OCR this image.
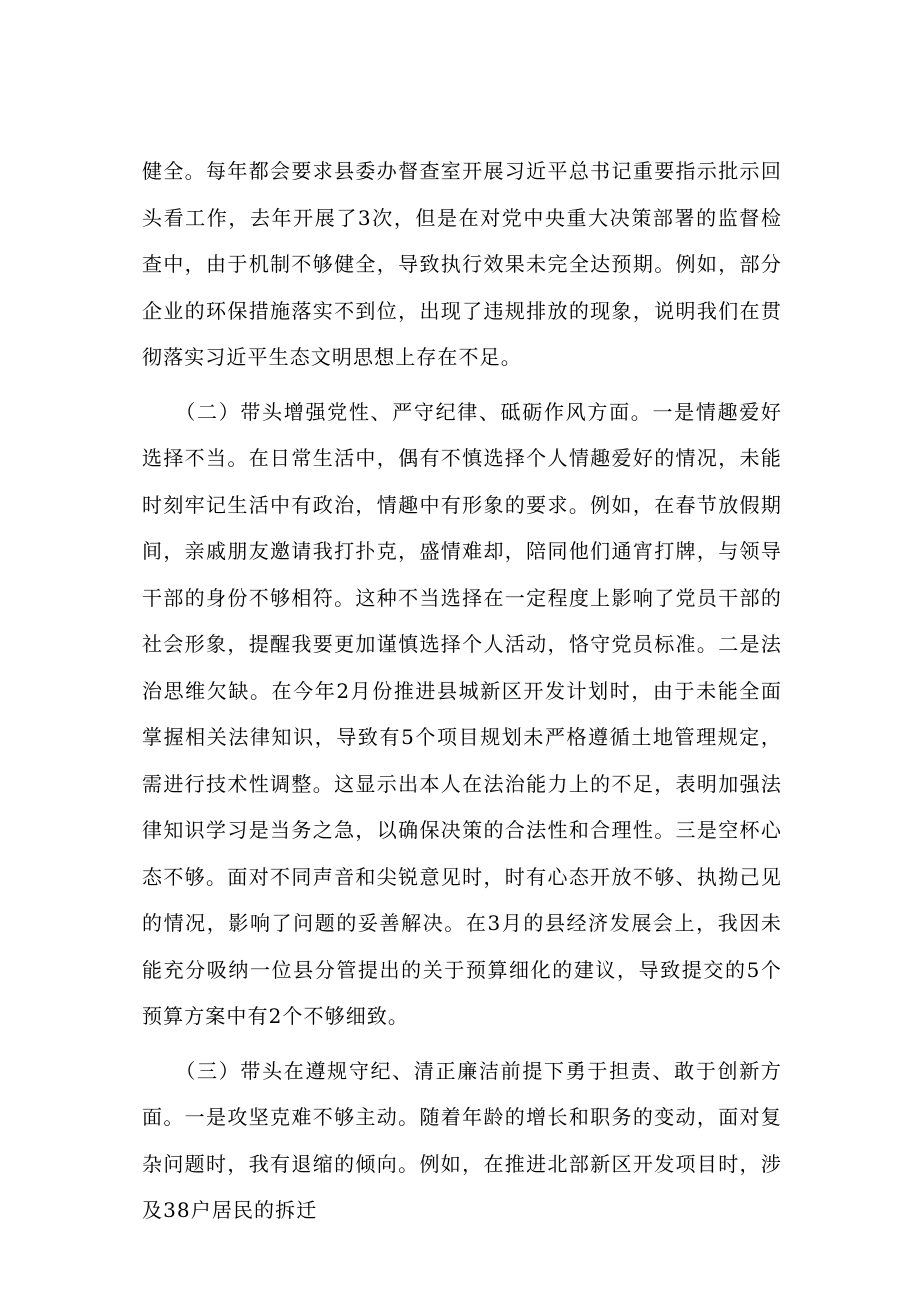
健全。每年都会要求县委办督查室开展习近平总书记重要指示批示回头看工作，去年开展了3次，但是在对党中央重大决策部署的监督检查中，由于机制不够健全，导致执行效果未完全达预期。例如，部分企业的环保措施落实不到位，出现了违规排放的现象，说明我们在贯彻落实习近平生态文明思想上存在不足。

　　（二）带头增强党性、严守纪律、砥砺作风方面。一是情趣爱好选择不当。在日常生活中，偶有不慎选择个人情趣爱好的情况，未能时刻牢记生活中有政治，情趣中有形象的要求。例如，在春节放假期间，亲戚朋友邀请我打扑克，盛情难却，陪同他们通宵打牌，与领导干部的身份不够相符。这种不当选择在一定程度上影响了党员干部的社会形象，提醒我要更加谨慎选择个人活动，恪守党员标准。二是法治思维欠缺。在今年2月份推进县城新区开发计划时，由于未能全面掌握相关法律知识，导致有5个项目规划未严格遵循土地管理规定，需进行技术性调整。这显示出本人在法治能力上的不足，表明加强法律知识学习是当务之急，以确保决策的合法性和合理性。三是空杯心态不够。面对不同声音和尖锐意见时，时有心态开放不够、执拗己见的情况，影响了问题的妥善解决。在3月的县经济发展会上，我因未能充分吸纳一位县分管提出的关于预算细化的建议，导致提交的5个预算方案中有2个不够细致。

　　（三）带头在遵规守纪、清正廉洁前提下勇于担责、敢于创新方面。一是攻坚克难不够主动。随着年龄的增长和职务的变动，面对复杂问题时，我有退缩的倾向。例如，在推进北部新区开发项目时，涉及38户居民的拆迁
